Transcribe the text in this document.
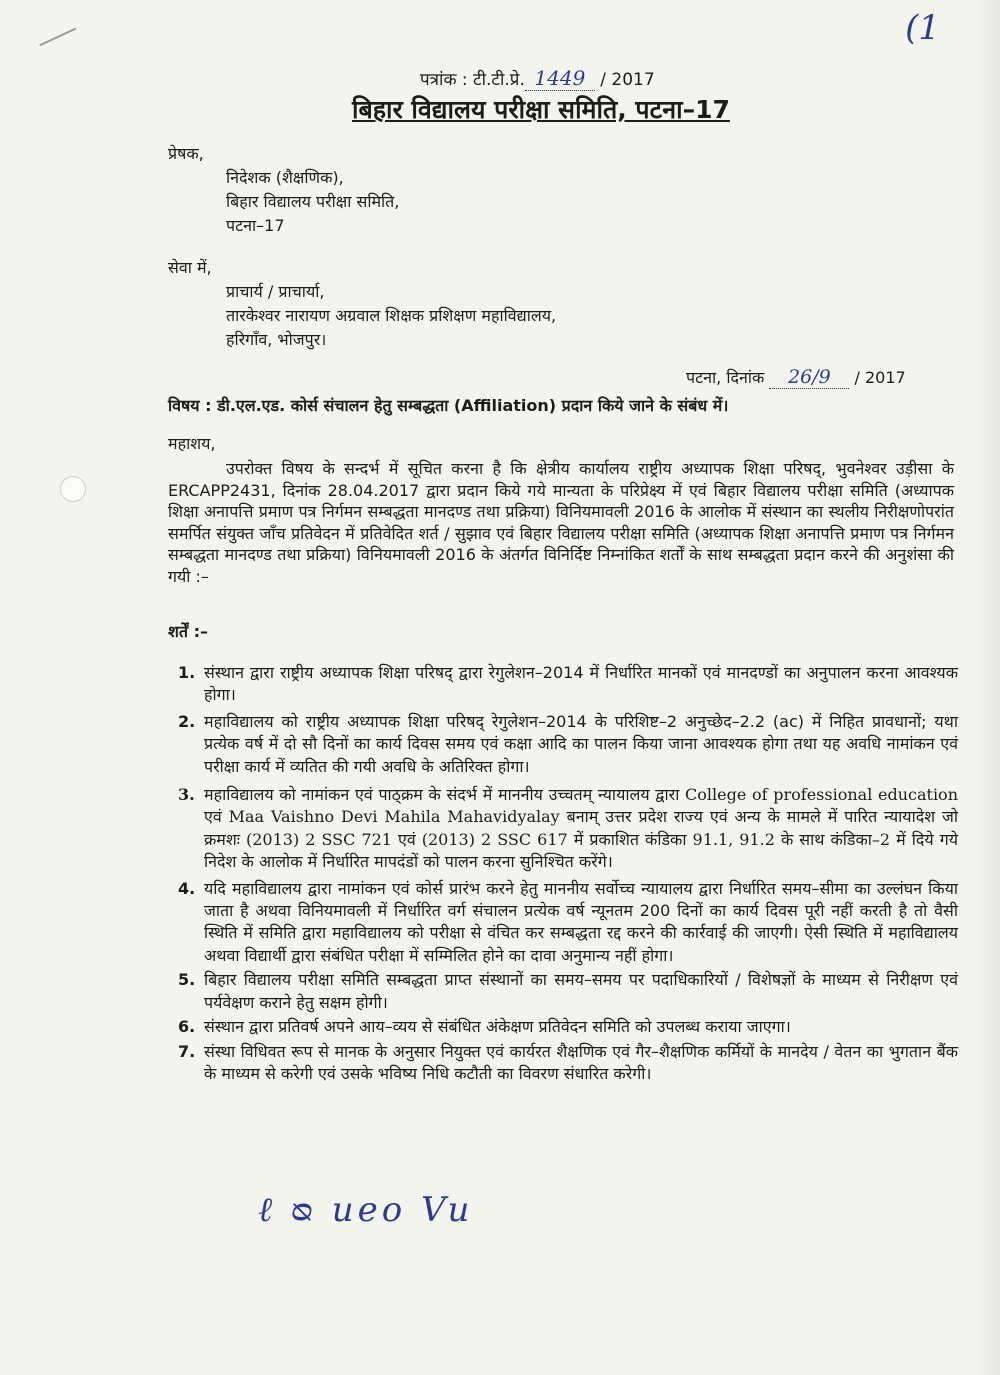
(1
पत्रांक : टी.टी.प्रे. 1449 / 2017
बिहार विद्यालय परीक्षा समिति, पटना–17
प्रेषक,
निदेशक (शैक्षणिक),
बिहार विद्यालय परीक्षा समिति,
पटना–17
सेवा में,
प्राचार्य / प्राचार्या,
तारकेश्वर नारायण अग्रवाल शिक्षक प्रशिक्षण महाविद्यालय,
हरिगाँव, भोजपुर।
पटना, दिनांक 26/9 / 2017
विषय : डी.एल.एड. कोर्स संचालन हेतु सम्बद्धता (Affiliation) प्रदान किये जाने के संबंध में।
महाशय,
उपरोक्त विषय के सन्दर्भ में सूचित करना है कि क्षेत्रीय कार्यालय राष्ट्रीय अध्यापक शिक्षा परिषद्, भुवनेश्वर उड़ीसा के ERCAPP2431, दिनांक 28.04.2017 द्वारा प्रदान किये गये मान्यता के परिप्रेक्ष्य में एवं बिहार विद्यालय परीक्षा समिति (अध्यापक शिक्षा अनापत्ति प्रमाण पत्र निर्गमन सम्बद्धता मानदण्ड तथा प्रक्रिया) विनियमावली 2016 के आलोक में संस्थान का स्थलीय निरीक्षणोपरांत समर्पित संयुक्त जाँच प्रतिवेदन में प्रतिवेदित शर्त / सुझाव एवं बिहार विद्यालय परीक्षा समिति (अध्यापक शिक्षा अनापत्ति प्रमाण पत्र निर्गमन सम्बद्धता मानदण्ड तथा प्रक्रिया) विनियमावली 2016 के अंतर्गत विनिर्दिष्ट निम्नांकित शर्तों के साथ सम्बद्धता प्रदान करने की अनुशंसा की गयी :–
शर्तें :–
1. संस्थान द्वारा राष्ट्रीय अध्यापक शिक्षा परिषद् द्वारा रेगुलेशन–2014 में निर्धारित मानकों एवं मानदण्डों का अनुपालन करना आवश्यक होगा।
2. महाविद्यालय को राष्ट्रीय अध्यापक शिक्षा परिषद् रेगुलेशन–2014 के परिशिष्ट–2 अनुच्छेद–2.2 (ac) में निहित प्रावधानों; यथा प्रत्येक वर्ष में दो सौ दिनों का कार्य दिवस समय एवं कक्षा आदि का पालन किया जाना आवश्यक होगा तथा यह अवधि नामांकन एवं परीक्षा कार्य में व्यतित की गयी अवधि के अतिरिक्त होगा।
3. महाविद्यालय को नामांकन एवं पाठ्क्रम के संदर्भ में माननीय उच्चतम् न्यायालय द्वारा College of professional education एवं Maa Vaishno Devi Mahila Mahavidyalay बनाम् उत्तर प्रदेश राज्य एवं अन्य के मामले में पारित न्यायादेश जो क्रमशः (2013) 2 SSC 721 एवं (2013) 2 SSC 617 में प्रकाशित कंडिका 91.1, 91.2 के साथ कंडिका–2 में दिये गये निदेश के आलोक में निर्धारित मापदंडों को पालन करना सुनिश्चित करेंगे।
4. यदि महाविद्यालय द्वारा नामांकन एवं कोर्स प्रारंभ करने हेतु माननीय सर्वोच्च न्यायालय द्वारा निर्धारित समय–सीमा का उल्लंघन किया जाता है अथवा विनियमावली में निर्धारित वर्ग संचालन प्रत्येक वर्ष न्यूनतम 200 दिनों का कार्य दिवस पूरी नहीं करती है तो वैसी स्थिति में समिति द्वारा महाविद्यालय को परीक्षा से वंचित कर सम्बद्धता रद्द करने की कार्रवाई की जाएगी। ऐसी स्थिति में महाविद्यालय अथवा विद्यार्थी द्वारा संबंधित परीक्षा में सम्मिलित होने का दावा अनुमान्य नहीं होगा।
5. बिहार विद्यालय परीक्षा समिति सम्बद्धता प्राप्त संस्थानों का समय–समय पर पदाधिकारियों / विशेषज्ञों के माध्यम से निरीक्षण एवं पर्यवेक्षण कराने हेतु सक्षम होगी।
6. संस्थान द्वारा प्रतिवर्ष अपने आय–व्यय से संबंधित अंकेक्षण प्रतिवेदन समिति को उपलब्ध कराया जाएगा।
7. संस्था विधिवत रूप से मानक के अनुसार नियुक्त एवं कार्यरत शैक्षणिक एवं गैर–शैक्षणिक कर्मियों के मानदेय / वेतन का भुगतान बैंक के माध्यम से करेगी एवं उसके भविष्य निधि कटौती का विवरण संधारित करेगी।
ℓ ᴓ ueo Vu
